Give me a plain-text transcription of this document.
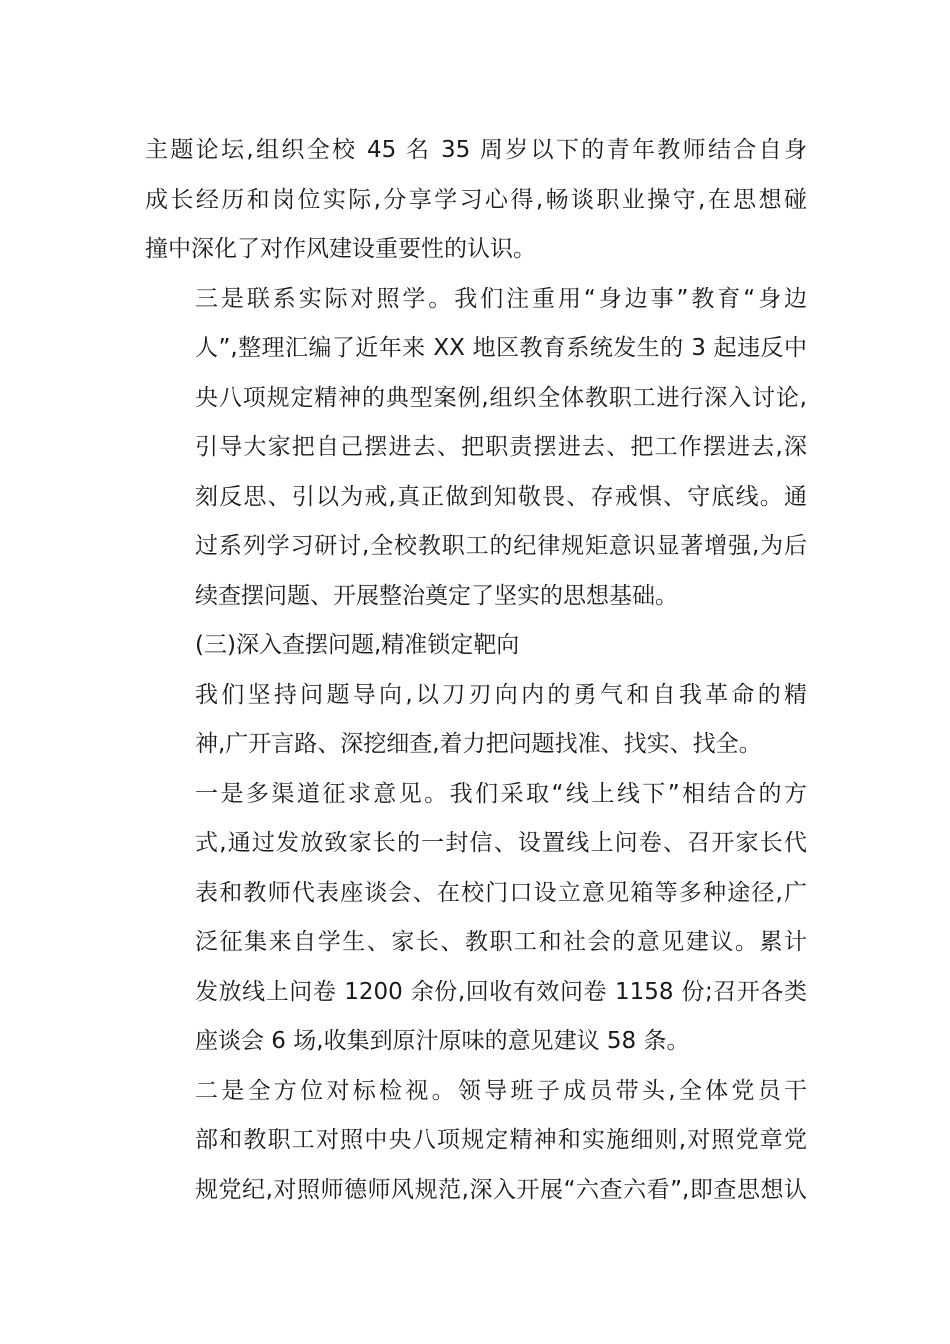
主题论坛,组织全校 45 名 35 周岁以下的青年教师结合自身
成长经历和岗位实际,分享学习心得,畅谈职业操守,在思想碰
撞中深化了对作风建设重要性的认识。

三是联系实际对照学。我们注重用“身边事”教育“身边
人”,整理汇编了近年来 XX 地区教育系统发生的 3 起违反中
央八项规定精神的典型案例,组织全体教职工进行深入讨论,
引导大家把自己摆进去、把职责摆进去、把工作摆进去,深
刻反思、引以为戒,真正做到知敬畏、存戒惧、守底线。通
过系列学习研讨,全校教职工的纪律规矩意识显著增强,为后
续查摆问题、开展整治奠定了坚实的思想基础。

(三)深入查摆问题,精准锁定靶向

我们坚持问题导向,以刀刃向内的勇气和自我革命的精
神,广开言路、深挖细查,着力把问题找准、找实、找全。

一是多渠道征求意见。我们采取“线上线下”相结合的方
式,通过发放致家长的一封信、设置线上问卷、召开家长代
表和教师代表座谈会、在校门口设立意见箱等多种途径,广
泛征集来自学生、家长、教职工和社会的意见建议。累计
发放线上问卷 1200 余份,回收有效问卷 1158 份;召开各类
座谈会 6 场,收集到原汁原味的意见建议 58 条。

二是全方位对标检视。领导班子成员带头,全体党员干
部和教职工对照中央八项规定精神和实施细则,对照党章党
规党纪,对照师德师风规范,深入开展“六查六看”,即查思想认
